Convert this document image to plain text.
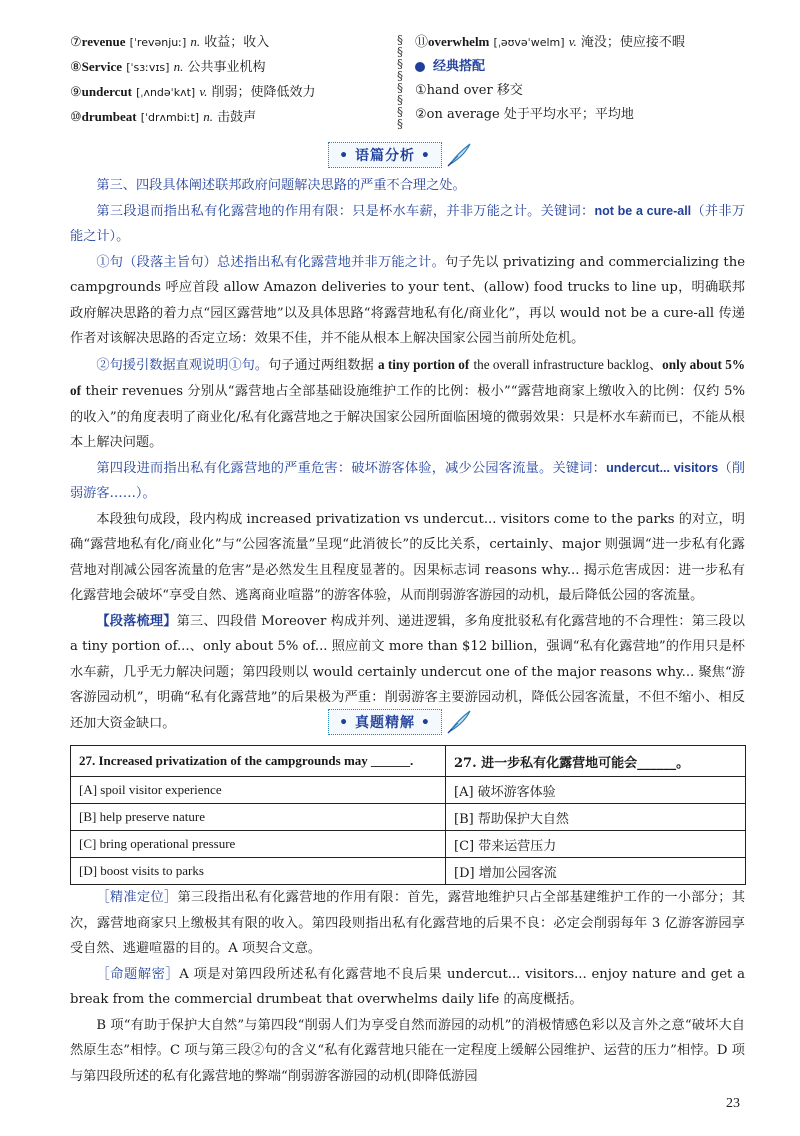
⑦revenue [ˈrevənjuː] n. 收益；收入
⑧Service [ˈsɜːvɪs] n. 公共事业机构
⑨undercut [ˌʌndəˈkʌt] v. 削弱；使降低效力
⑩drumbeat [ˈdrʌmbiːt] n. 击鼓声
§
§
§
§
§
§
§
§
⑪overwhelm [ˌəʊvəˈwelm] v. 淹没；使应接不暇
经典搭配
①hand over 移交
②on average 处于平均水平；平均地
• 语篇分析 •

第三、四段具体阐述联邦政府问题解决思路的严重不合理之处。

第三段退而指出私有化露营地的作用有限：只是杯水车薪，并非万能之计。关键词：not be a cure-all（并非万能之计）。

①句（段落主旨句）总述指出私有化露营地并非万能之计。句子先以 privatizing and commercializing the campgrounds 呼应首段 allow Amazon deliveries to your tent、(allow) food trucks to line up，明确联邦政府解决思路的着力点“园区露营地”以及具体思路“将露营地私有化/商业化”，再以 would not be a cure-all 传递作者对该解决思路的否定立场：效果不佳，并不能从根本上解决国家公园当前所处危机。

②句援引数据直观说明①句。句子通过两组数据 a tiny portion of the overall infrastructure backlog、only about 5% of their revenues 分别从“露营地占全部基础设施维护工作的比例：极小”“露营地商家上缴收入的比例：仅约 5% 的收入”的角度表明了商业化/私有化露营地之于解决国家公园所面临困境的微弱效果：只是杯水车薪而已，不能从根本上解决问题。

第四段进而指出私有化露营地的严重危害：破坏游客体验，减少公园客流量。关键词：undercut... visitors（削弱游客……）。

本段独句成段，段内构成 increased privatization vs undercut... visitors come to the parks 的对立，明确“露营地私有化/商业化”与“公园客流量”呈现“此消彼长”的反比关系，certainly、major 则强调“进一步私有化露营地对削减公园客流量的危害”是必然发生且程度显著的。因果标志词 reasons why... 揭示危害成因：进一步私有化露营地会破坏“享受自然、逃离商业喧嚣”的游客体验，从而削弱游客游园的动机，最后降低公园的客流量。

【段落梳理】第三、四段借 Moreover 构成并列、递进逻辑，多角度批驳私有化露营地的不合理性：第三段以 a tiny portion of...、only about 5% of... 照应前文 more than $12 billion，强调“私有化露营地”的作用只是杯水车薪，几乎无力解决问题；第四段则以 would certainly undercut one of the major reasons why... 聚焦“游客游园动机”，明确“私有化露营地”的后果极为严重：削弱游客主要游园动机，降低公园客流量，不但不缩小、相反还加大资金缺口。	• 真题精解 •
27. Increased privatization of the campgrounds may ______.	27. 进一步私有化露营地可能会______。
[A] spoil visitor experience	[A] 破坏游客体验
[B] help preserve nature	[B] 帮助保护大自然
[C] bring operational pressure	[C] 带来运营压力
[D] boost visits to parks	[D] 增加公园客流

［精准定位］第三段指出私有化露营地的作用有限：首先，露营地维护只占全部基建维护工作的一小部分；其次，露营地商家只上缴极其有限的收入。第四段则指出私有化露营地的后果不良：必定会削弱每年 3 亿游客游园享受自然、逃避喧嚣的目的。A 项契合文意。

［命题解密］A 项是对第四段所述私有化露营地不良后果 undercut... visitors... enjoy nature and get a break from the commercial drumbeat that overwhelms daily life 的高度概括。

B 项“有助于保护大自然”与第四段“削弱人们为享受自然而游园的动机”的消极情感色彩以及言外之意“破坏大自然原生态”相悖。C 项与第三段②句的含义“私有化露营地只能在一定程度上缓解公园维护、运营的压力”相悖。D 项与第四段所述的私有化露营地的弊端“削弱游客游园的动机(即降低游园

23
